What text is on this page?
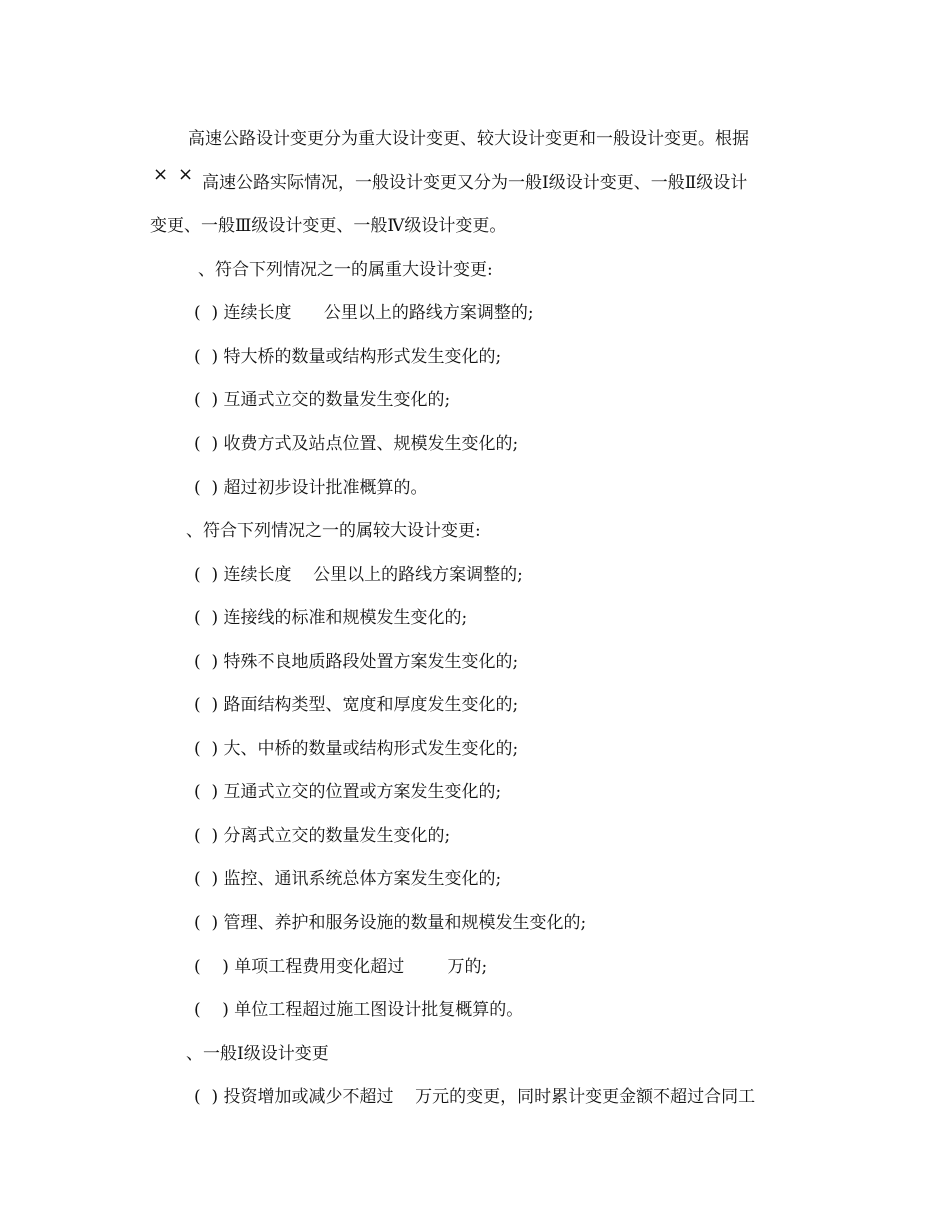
高速公路设计变更分为重大设计变更、较大设计变更和一般设计变更。根据
× × 高速公路实际情况，一般设计变更又分为一般Ⅰ级设计变更、一般Ⅱ级设计
变更、一般Ⅲ级设计变更、一般Ⅳ级设计变更。
、符合下列情况之一的属重大设计变更:
(  ) 连续长度      公里以上的路线方案调整的;
(  ) 特大桥的数量或结构形式发生变化的;
(  ) 互通式立交的数量发生变化的;
(  ) 收费方式及站点位置、规模发生变化的;
(  ) 超过初步设计批准概算的。
、符合下列情况之一的属较大设计变更:
(  ) 连续长度    公里以上的路线方案调整的;
(  ) 连接线的标准和规模发生变化的;
(  ) 特殊不良地质路段处置方案发生变化的;
(  ) 路面结构类型、宽度和厚度发生变化的;
(  ) 大、中桥的数量或结构形式发生变化的;
(  ) 互通式立交的位置或方案发生变化的;
(  ) 分离式立交的数量发生变化的;
(  ) 监控、通讯系统总体方案发生变化的;
(  ) 管理、养护和服务设施的数量和规模发生变化的;
(    ) 单项工程费用变化超过        万的;
(    ) 单位工程超过施工图设计批复概算的。
、一般Ⅰ级设计变更
(  ) 投资增加或减少不超过    万元的变更，同时累计变更金额不超过合同工
